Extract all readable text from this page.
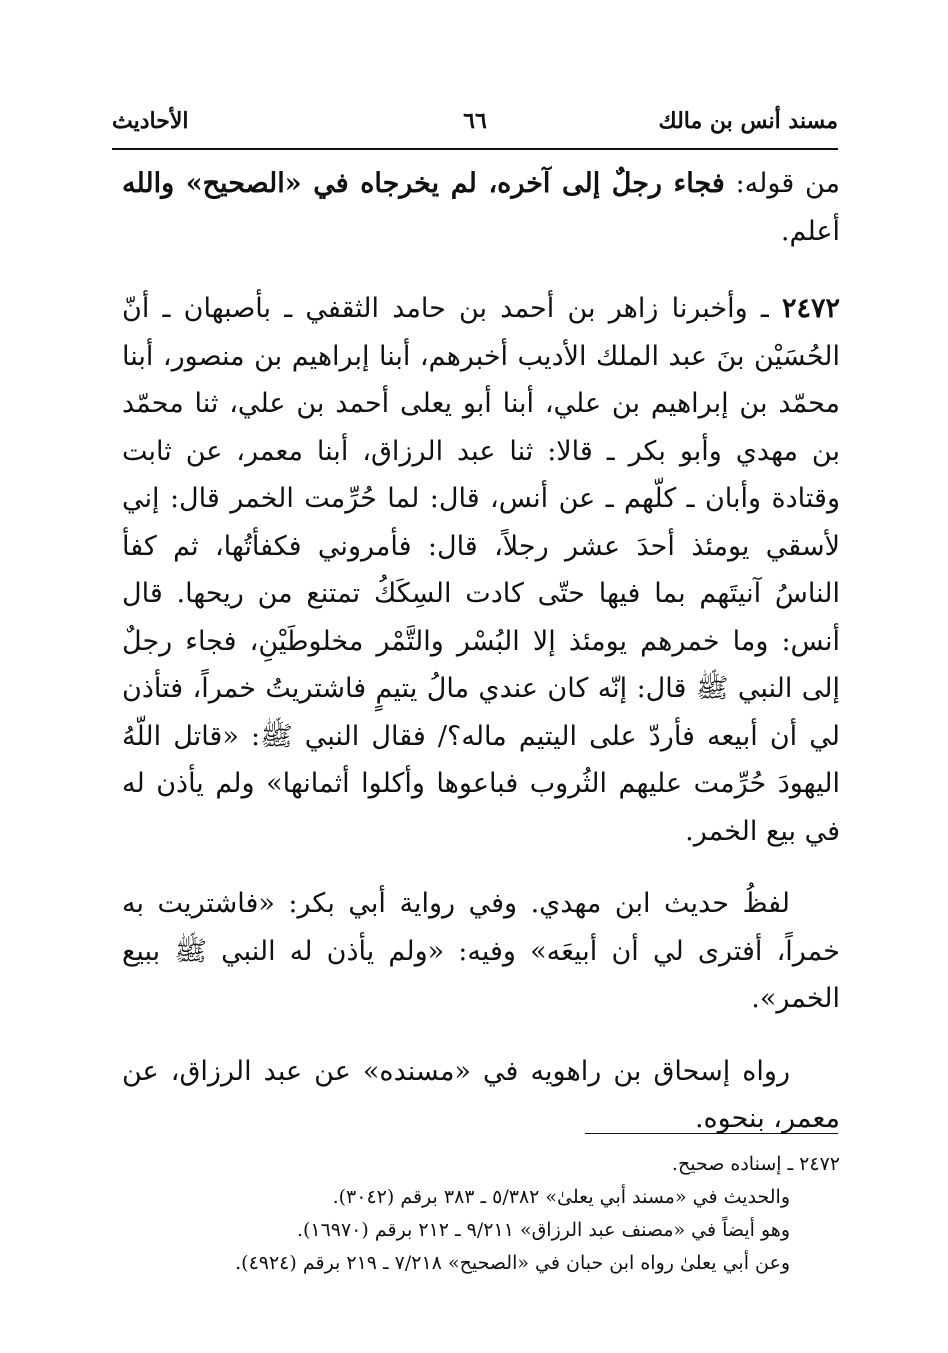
مسند أنس بن مالك
٦٦
الأحاديث

من قوله: فجاء رجلٌ إلى آخره، لم يخرجاه في «الصحيح» والله أعلم.

٢٤٧٢ ـ وأخبرنا زاهر بن أحمد بن حامد الثقفي ـ بأصبهان ـ أنّ الحُسَيْن بنَ عبد الملك الأديب أخبرهم، أبنا إبراهيم بن منصور، أبنا محمّد بن إبراهيم بن علي، أبنا أبو يعلى أحمد بن علي، ثنا محمّد بن مهدي وأبو بكر ـ قالا: ثنا عبد الرزاق، أبنا معمر، عن ثابت وقتادة وأبان ـ كلّهم ـ عن أنس، قال: لما حُرِّمت الخمر قال: إني لأسقي يومئذ أحدَ عشر رجلاً، قال: فأمروني فكفأتُها، ثم كفأ الناسُ آنيتَهم بما فيها حتّى كادت السِكَكُ تمتنع من ريحها. قال أنس: وما خمرهم يومئذ إلا البُسْر والتَّمْر مخلوطَيْنِ، فجاء رجلٌ إلى النبي ﷺ قال: إنّه كان عندي مالُ يتيمٍ فاشتريتُ خمراً، فتأذن لي أن أبيعه فأردّ على اليتيم ماله؟/ فقال النبي ﷺ: «قاتل اللّهُ اليهودَ حُرِّمت عليهم الثُروب فباعوها وأكلوا أثمانها» ولم يأذن له في بيع الخمر.

لفظُ حديث ابن مهدي. وفي رواية أبي بكر: «فاشتريت به خمراً، أفترى لي أن أبيعَه» وفيه: «ولم يأذن له النبي ﷺ ببيع الخمر».

رواه إسحاق بن راهويه في «مسنده» عن عبد الرزاق، عن معمر، بنحوه.

٢٤٧٢ ـ إسناده صحيح.

والحديث في «مسند أبي يعلىٰ» ٥/٣٨٢ ـ ٣٨٣ برقم (٣٠٤٢).

وهو أيضاً في «مصنف عبد الرزاق» ٩/٢١١ ـ ٢١٢ برقم (١٦٩٧٠).

وعن أبي يعلىٰ رواه ابن حبان في «الصحيح» ٧/٢١٨ ـ ٢١٩ برقم (٤٩٢٤).
